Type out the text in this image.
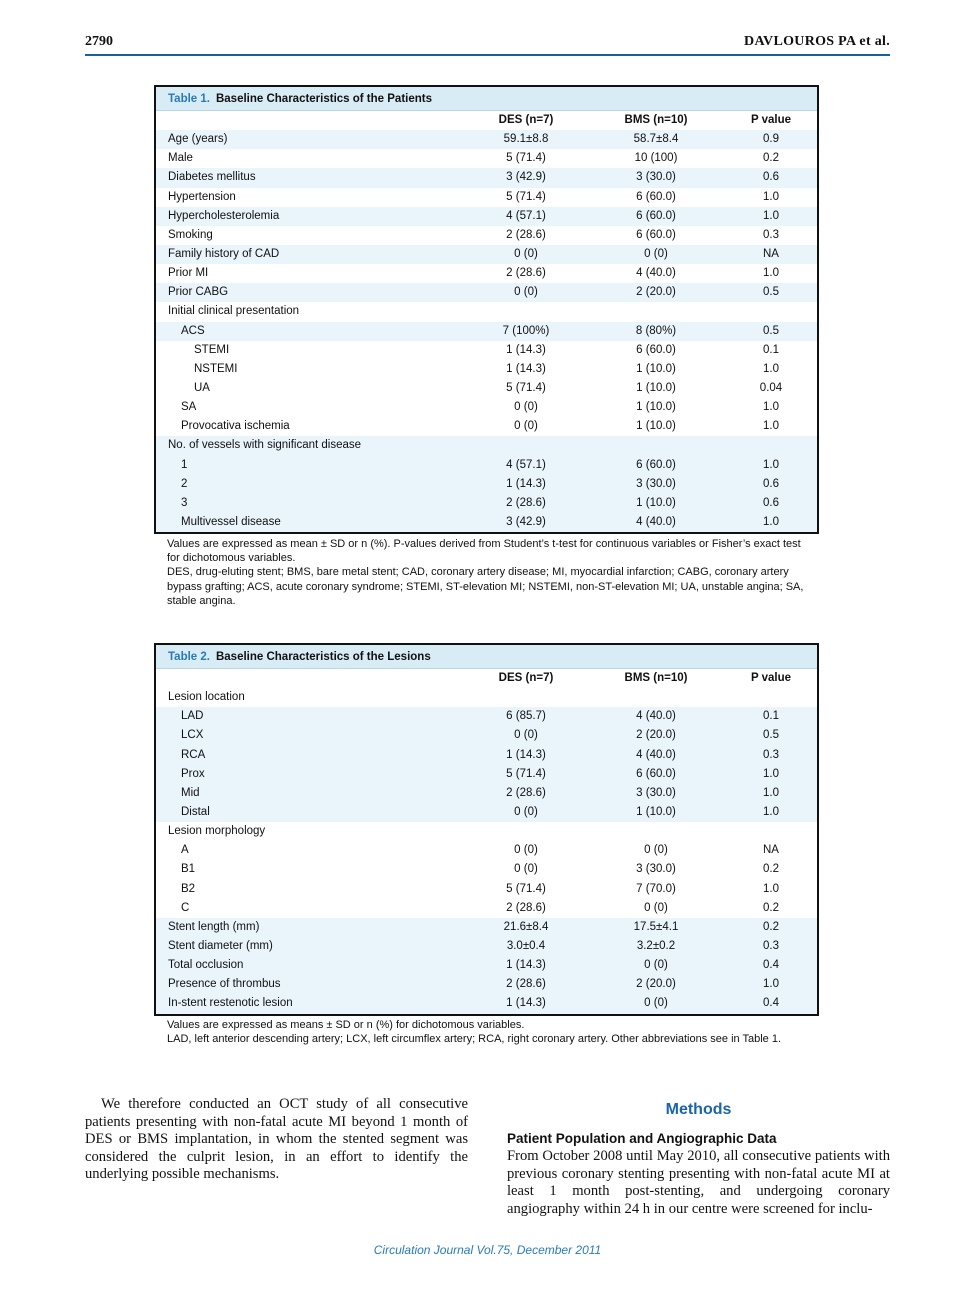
2790	DAVLOUROS PA et al.
Table 1. Baseline Characteristics of the Patients
DES (n=7)	BMS (n=10)	P value
Age (years)	59.1±8.8	58.7±8.4	0.9
Male	5 (71.4)	10 (100)	0.2
Diabetes mellitus	3 (42.9)	3 (30.0)	0.6
Hypertension	5 (71.4)	6 (60.0)	1.0
Hypercholesterolemia	4 (57.1)	6 (60.0)	1.0
Smoking	2 (28.6)	6 (60.0)	0.3
Family history of CAD	0 (0)	0 (0)	NA
Prior MI	2 (28.6)	4 (40.0)	1.0
Prior CABG	0 (0)	2 (20.0)	0.5
Initial clinical presentation
ACS	7 (100%)	8 (80%)	0.5
STEMI	1 (14.3)	6 (60.0)	0.1
NSTEMI	1 (14.3)	1 (10.0)	1.0
UA	5 (71.4)	1 (10.0)	0.04
SA	0 (0)	1 (10.0)	1.0
Provocativa ischemia	0 (0)	1 (10.0)	1.0
No. of vessels with significant disease
1	4 (57.1)	6 (60.0)	1.0
2	1 (14.3)	3 (30.0)	0.6
3	2 (28.6)	1 (10.0)	0.6
Multivessel disease	3 (42.9)	4 (40.0)	1.0

Values are expressed as mean ± SD or n (%). P-values derived from Student’s t-test for continuous variables or Fisher’s exact test for dichotomous variables.

DES, drug-eluting stent; BMS, bare metal stent; CAD, coronary artery disease; MI, myocardial infarction; CABG, coronary artery bypass grafting; ACS, acute coronary syndrome; STEMI, ST-elevation MI; NSTEMI, non-ST-elevation MI; UA, unstable angina; SA, stable angina.

Table 2. Baseline Characteristics of the Lesions
DES (n=7)	BMS (n=10)	P value
Lesion location
LAD	6 (85.7)	4 (40.0)	0.1
LCX	0 (0)	2 (20.0)	0.5
RCA	1 (14.3)	4 (40.0)	0.3
Prox	5 (71.4)	6 (60.0)	1.0
Mid	2 (28.6)	3 (30.0)	1.0
Distal	0 (0)	1 (10.0)	1.0
Lesion morphology
A	0 (0)	0 (0)	NA
B1	0 (0)	3 (30.0)	0.2
B2	5 (71.4)	7 (70.0)	1.0
C	2 (28.6)	0 (0)	0.2
Stent length (mm)	21.6±8.4	17.5±4.1	0.2
Stent diameter (mm)	3.0±0.4	3.2±0.2	0.3
Total occlusion	1 (14.3)	0 (0)	0.4
Presence of thrombus	2 (28.6)	2 (20.0)	1.0
In-stent restenotic lesion	1 (14.3)	0 (0)	0.4

Values are expressed as means ± SD or n (%) for dichotomous variables.

LAD, left anterior descending artery; LCX, left circumflex artery; RCA, right coronary artery. Other abbreviations see in Table 1.

We therefore conducted an OCT study of all consecutive patients presenting with non-fatal acute MI beyond 1 month of DES or BMS implantation, in whom the stented segment was considered the culprit lesion, in an effort to identify the underlying possible mechanisms.

Methods
Patient Population and Angiographic Data

From October 2008 until May 2010, all consecutive patients with previous coronary stenting presenting with non-fatal acute MI at least 1 month post-stenting, and undergoing coronary angiography within 24 h in our centre were screened for inclu-

Circulation Journal Vol.75, December 2011
